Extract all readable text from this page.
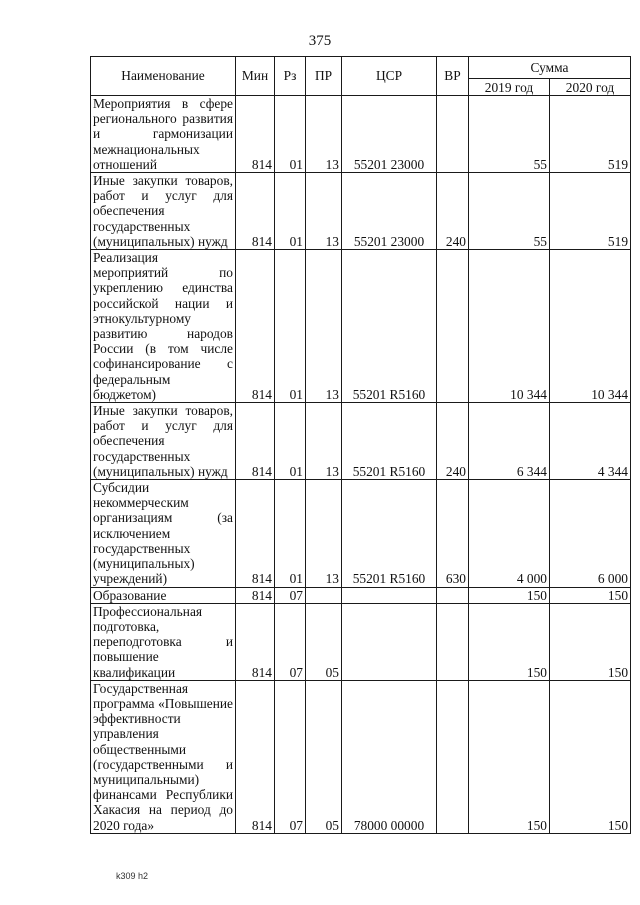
375
Наименование	Мин	Рз	ПР	ЦСР	ВР	Сумма	
						2019 год	2020 год
Мероприятия в сфере регионального развития и гармонизации межнациональных отношений	814	01	13	55201 23000		55	519
Иные закупки товаров, работ и услуг для обеспечения государственных (муниципальных) нужд	814	01	13	55201 23000	240	55	519
Реализация мероприятий по укреплению единства российской нации и этнокультурному развитию народов России (в том числе софинансирование с федеральным бюджетом)	814	01	13	55201 R5160		10 344	10 344
Иные закупки товаров, работ и услуг для обеспечения государственных (муниципальных) нужд	814	01	13	55201 R5160	240	6 344	4 344
Субсидии некоммерческим организациям (за исключением государственных (муниципальных) учреждений)	814	01	13	55201 R5160	630	4 000	6 000
Образование	814	07				150	150
Профессиональная подготовка, переподготовка и повышение квалификации	814	07	05			150	150
Государственная программа «Повышение эффективности управления общественными (государственными и муниципальными) финансами Республики Хакасия на период до 2020 года»	814	07	05	78000 00000		150	150
k309 h2
